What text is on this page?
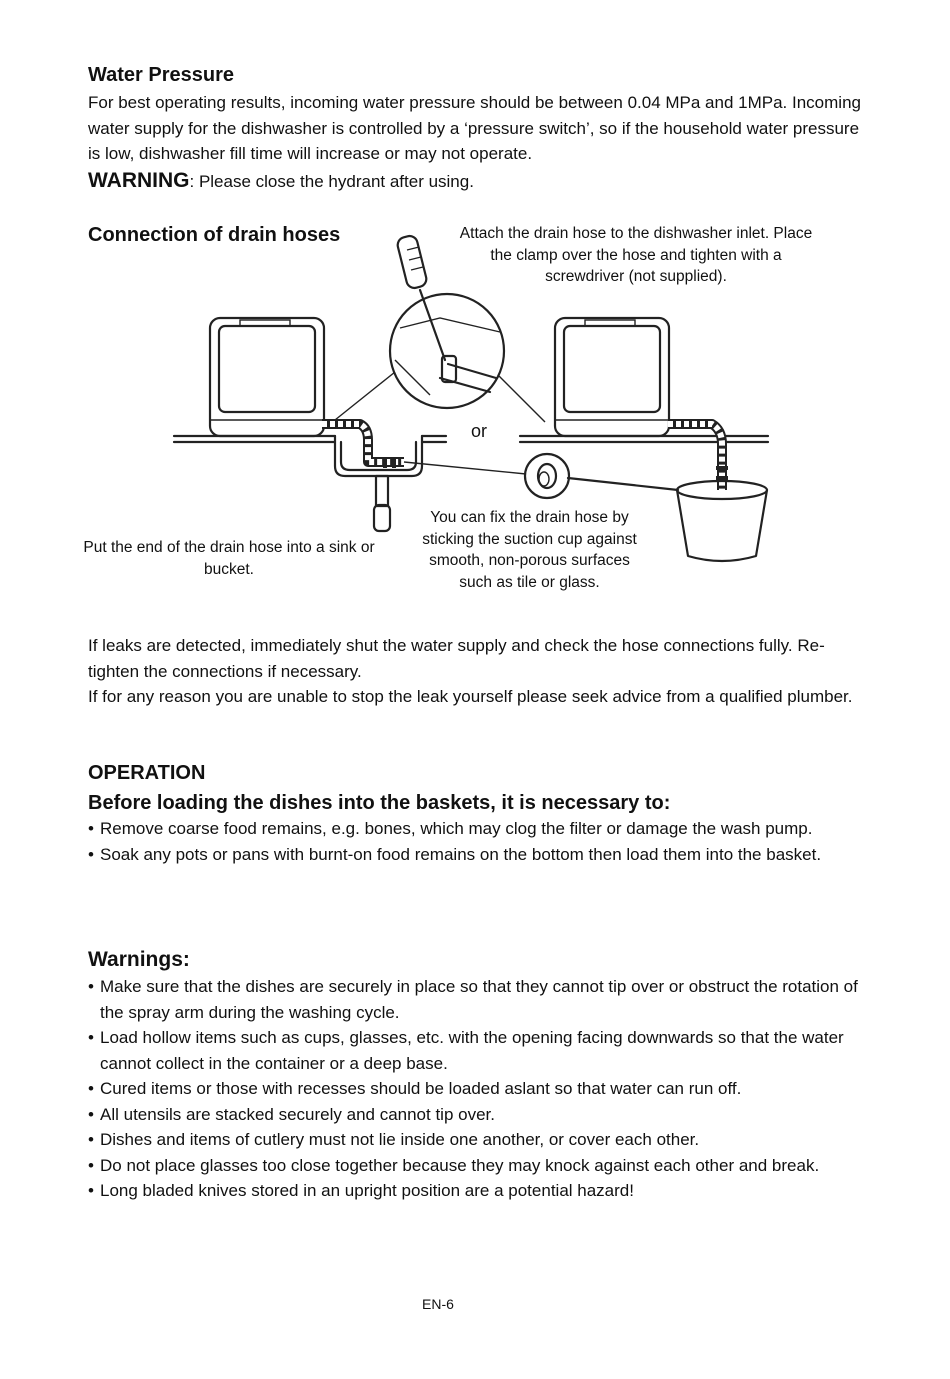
Water Pressure

For best operating results, incoming water pressure should be between 0.04 MPa and 1MPa. Incoming water supply for the dishwasher is controlled by a ‘pressure switch’, so if the household water pressure is low, dishwasher fill time will increase or may not operate.

WARNING: Please close the hydrant after using.

Connection of drain hoses	Attach the drain hose to the dishwasher inlet. Place the clamp over the hose and tighten with a screwdriver (not supplied).

or

Put the end of the drain hose into a sink or bucket.

You can fix the drain hose by sticking the suction cup against smooth, non-porous surfaces such as tile or glass.

If leaks are detected, immediately shut the water supply and check the hose connections fully. Re-tighten the connections if necessary.

If for any reason you are unable to stop the leak yourself please seek advice from a qualified plumber.

OPERATION
Before loading the dishes into the baskets, it is necessary to:
• Remove coarse food remains, e.g. bones, which may clog the filter or damage the wash pump.
• Soak any pots or pans with burnt-on food remains on the bottom then load them into the basket.
Warnings:
• Make sure that the dishes are securely in place so that they cannot tip over or obstruct the rotation of the spray arm during the washing cycle.
• Load hollow items such as cups, glasses, etc. with the opening facing downwards so that the water cannot collect in the container or a deep base.
• Cured items or those with recesses should be loaded aslant so that water can run off.
• All utensils are stacked securely and cannot tip over.
• Dishes and items of cutlery must not lie inside one another, or cover each other.
• Do not place glasses too close together because they may knock against each other and break.
• Long bladed knives stored in an upright position are a potential hazard!
EN-6
